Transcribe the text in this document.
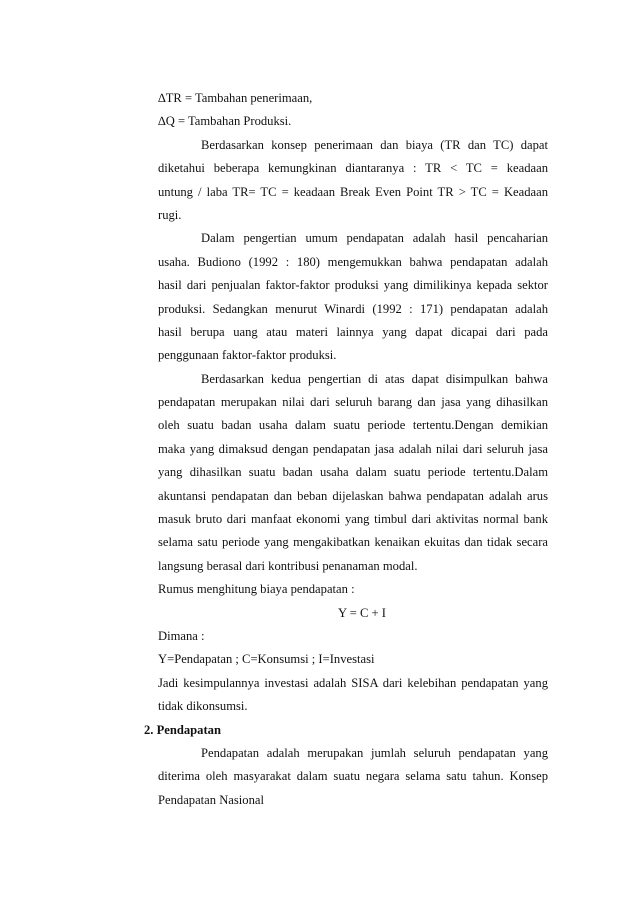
∆TR = Tambahan penerimaan,
∆Q = Tambahan Produksi.
Berdasarkan konsep penerimaan dan biaya (TR dan TC) dapat
diketahui beberapa kemungkinan diantaranya : TR < TC = keadaan
untung / laba TR= TC = keadaan Break Even Point TR > TC = Keadaan
rugi.
Dalam pengertian umum pendapatan adalah hasil pencaharian
usaha. Budiono (1992 : 180) mengemukkan bahwa pendapatan adalah
hasil dari penjualan faktor-faktor produksi yang dimilikinya kepada sektor
produksi. Sedangkan menurut Winardi (1992 : 171) pendapatan adalah
hasil berupa uang atau materi lainnya yang dapat dicapai dari pada
penggunaan faktor-faktor produksi.
Berdasarkan kedua pengertian di atas dapat disimpulkan bahwa
pendapatan merupakan nilai dari seluruh barang dan jasa yang dihasilkan
oleh suatu badan usaha dalam suatu periode tertentu.Dengan demikian
maka yang dimaksud dengan pendapatan jasa adalah nilai dari seluruh jasa
yang dihasilkan suatu badan usaha dalam suatu periode tertentu.Dalam
akuntansi pendapatan dan beban dijelaskan bahwa pendapatan adalah arus
masuk bruto dari manfaat ekonomi yang timbul dari aktivitas normal bank
selama satu periode yang mengakibatkan kenaikan ekuitas dan tidak secara
langsung berasal dari kontribusi penanaman modal.
Rumus menghitung biaya pendapatan :
Y = C + I
Dimana :
Y=Pendapatan ; C=Konsumsi ; I=Investasi
Jadi kesimpulannya investasi adalah SISA dari kelebihan pendapatan yang
tidak dikonsumsi.
2. Pendapatan
Pendapatan adalah merupakan jumlah seluruh pendapatan yang
diterima oleh masyarakat dalam suatu negara selama satu tahun. Konsep
Pendapatan Nasional
